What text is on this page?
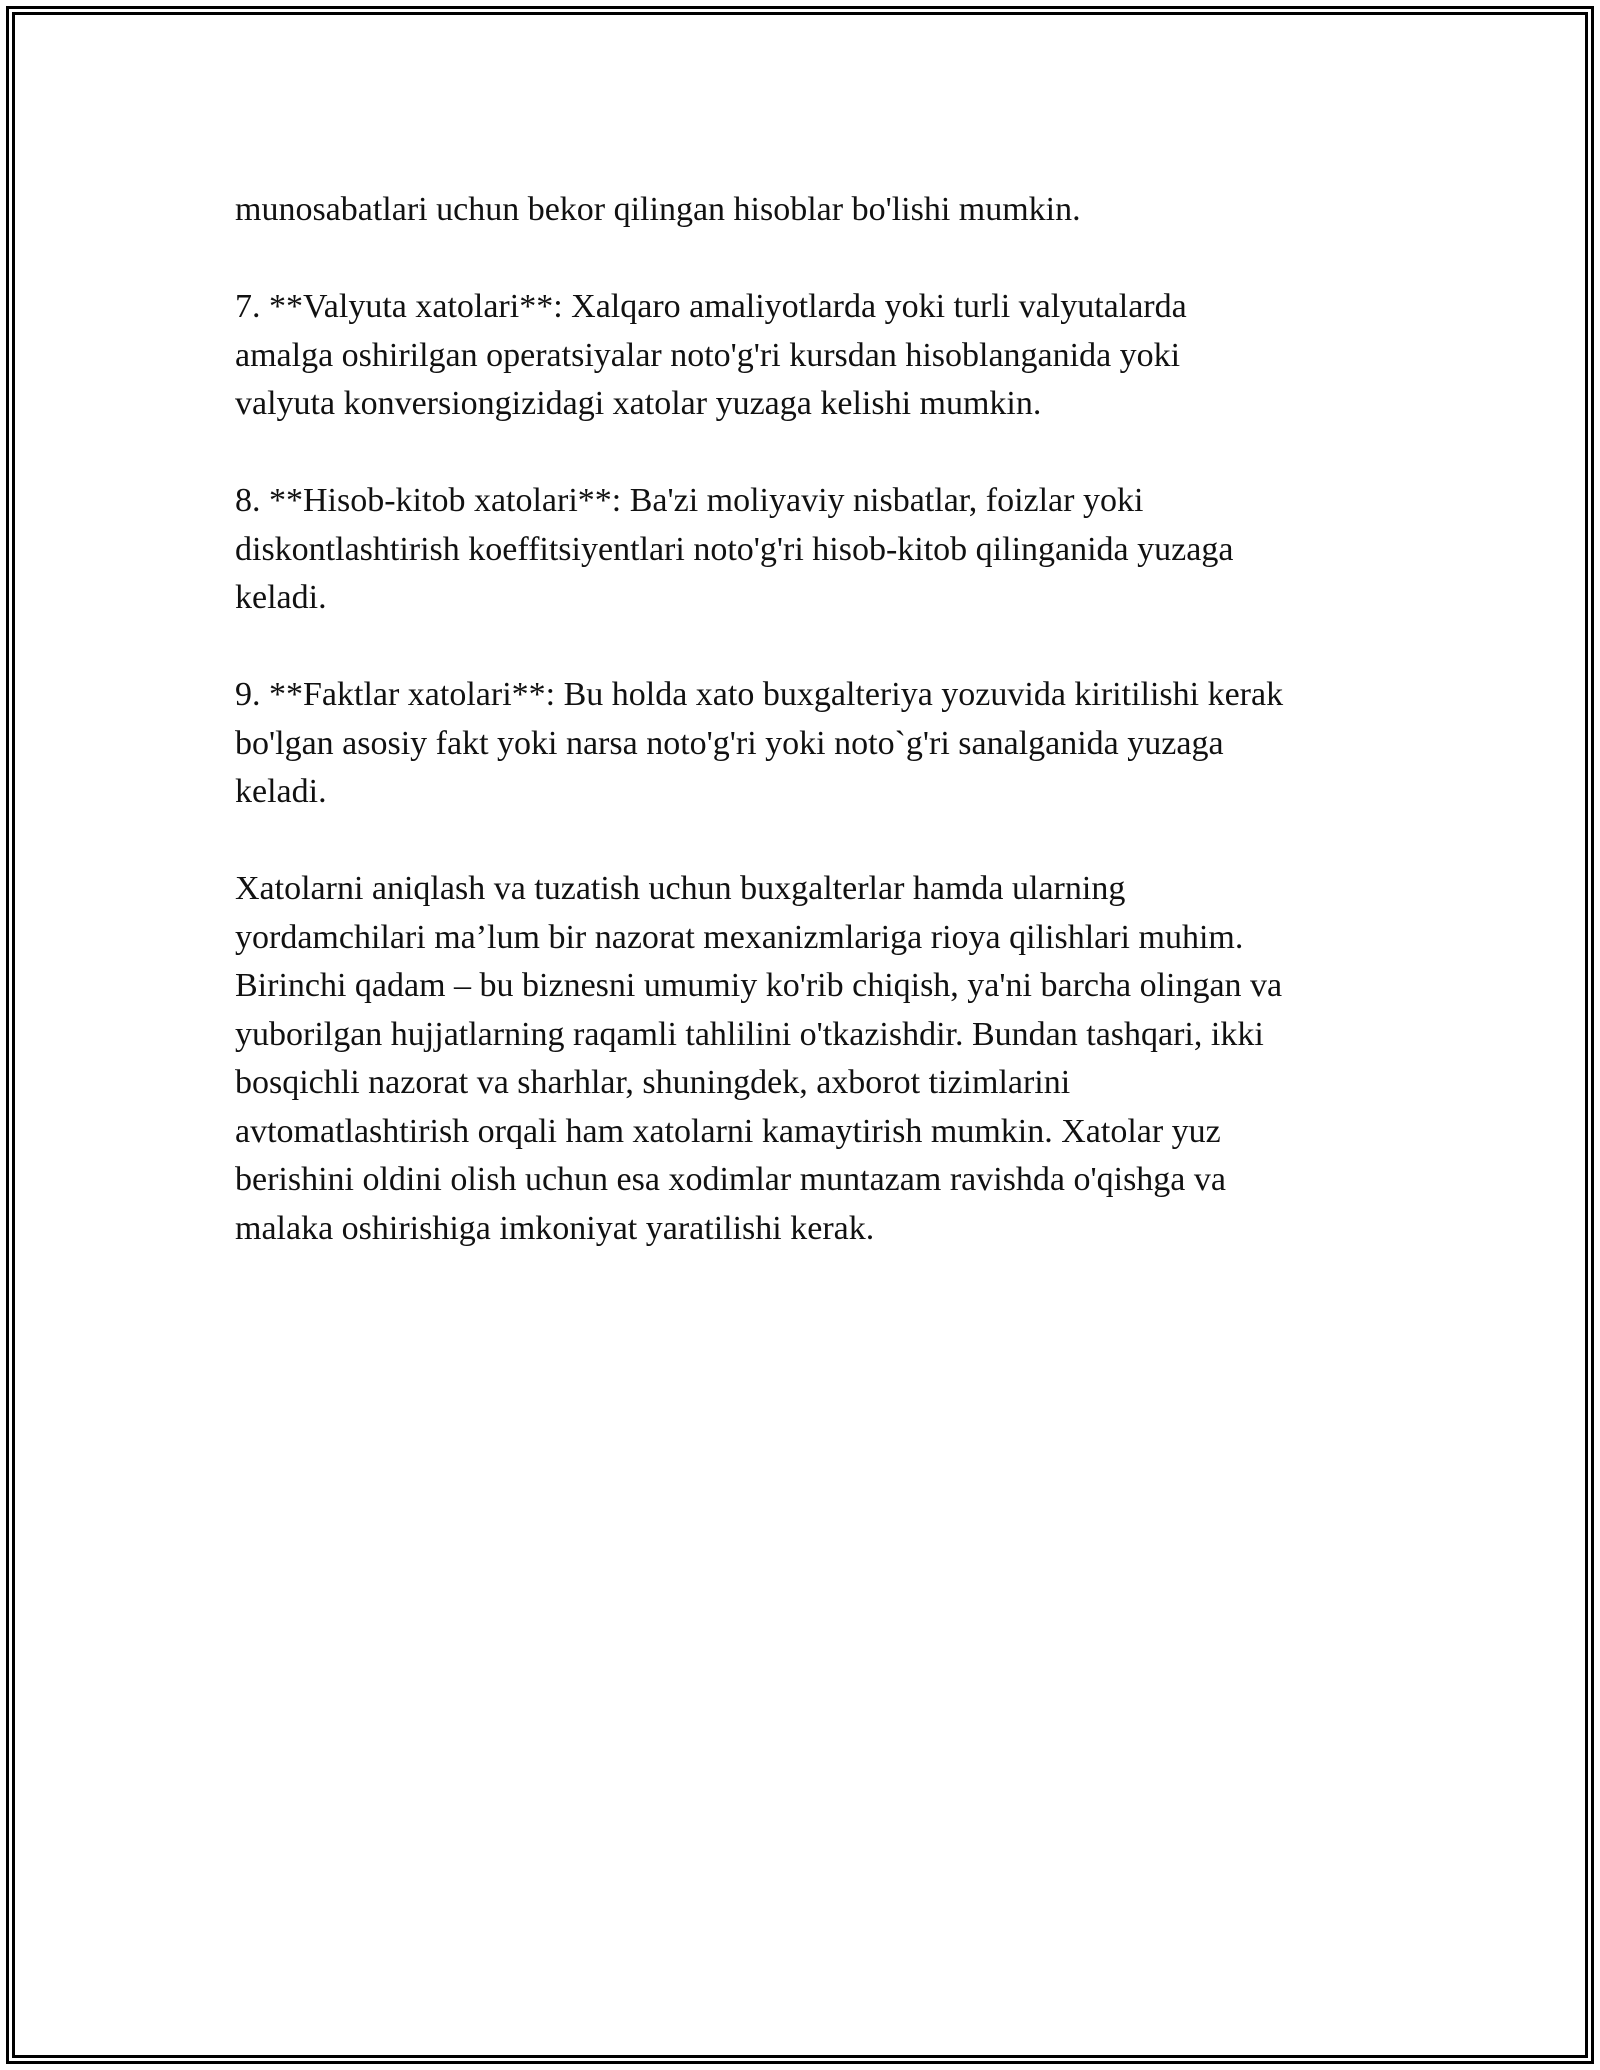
munosabatlari uchun bekor qilingan hisoblar bo'lishi mumkin.
7. **Valyuta xatolari**: Xalqaro amaliyotlarda yoki turli valyutalarda
amalga oshirilgan operatsiyalar noto'g'ri kursdan hisoblanganida yoki
valyuta konversiongizidagi xatolar yuzaga kelishi mumkin.
8. **Hisob-kitob xatolari**: Ba'zi moliyaviy nisbatlar, foizlar yoki
diskontlashtirish koeffitsiyentlari noto'g'ri hisob-kitob qilinganida yuzaga
keladi.
9. **Faktlar xatolari**: Bu holda xato buxgalteriya yozuvida kiritilishi kerak
bo'lgan asosiy fakt yoki narsa noto'g'ri yoki noto`g'ri sanalganida yuzaga
keladi.
Xatolarni aniqlash va tuzatish uchun buxgalterlar hamda ularning
yordamchilari ma’lum bir nazorat mexanizmlariga rioya qilishlari muhim.
Birinchi qadam – bu biznesni umumiy ko'rib chiqish, ya'ni barcha olingan va
yuborilgan hujjatlarning raqamli tahlilini o'tkazishdir. Bundan tashqari, ikki
bosqichli nazorat va sharhlar, shuningdek, axborot tizimlarini
avtomatlashtirish orqali ham xatolarni kamaytirish mumkin. Xatolar yuz
berishini oldini olish uchun esa xodimlar muntazam ravishda o'qishga va
malaka oshirishiga imkoniyat yaratilishi kerak.
